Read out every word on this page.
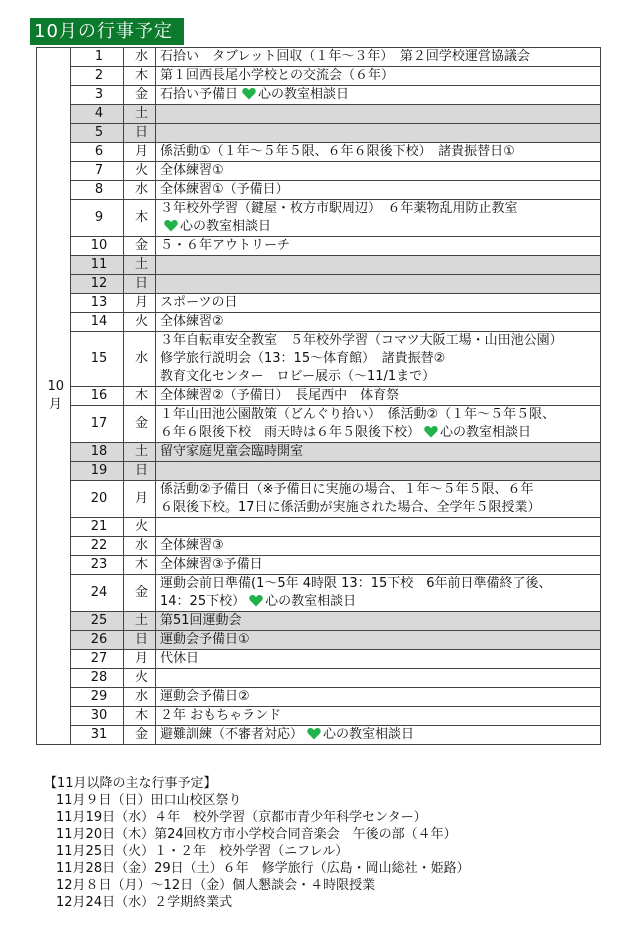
10月の行事予定
10月	1	水	石拾い　タブレット回収（１年～３年）　第２回学校運営協議会

	2	木	第１回西長尾小学校との交流会（６年）

	3	金	石拾い予備日 心の教室相談日

	4	土	
	5	日	
	6	月	係活動①（１年～５年５限、６年６限後下校）　諸貴振替日①

	7	火	全体練習①

	8	水	全体練習①（予備日）

	9	木	３年校外学習（鍵屋・枚方市駅周辺）　６年薬物乱用防止教室
心の教室相談日

	10	金	５・６年アウトリーチ

	11	土	
	12	日	
	13	月	スポーツの日

	14	火	全体練習②

	15	水	３年自転車安全教室　５年校外学習（コマツ大阪工場・山田池公園）
修学旅行説明会（13：15～体育館）　諸貴振替②
教育文化センター　ロビー展示（～11/1まで）

	16	木	全体練習②（予備日）　長尾西中　体育祭

	17	金	１年山田池公園散策（どんぐり拾い）　係活動②（１年～５年５限、
６年６限後下校　雨天時は６年５限後下校） 心の教室相談日

	18	土	留守家庭児童会臨時開室

	19	日	
	20	月	係活動②予備日（※予備日に実施の場合、１年～５年５限、６年
６限後下校。17日に係活動が実施された場合、全学年５限授業）

	21	火	
	22	水	全体練習③

	23	木	全体練習③予備日

	24	金	運動会前日準備(1～5年 4時限 13：15下校　6年前日準備終了後、
14：25下校） 心の教室相談日

	25	土	第51回運動会

	26	日	運動会予備日①

	27	月	代休日

	28	火	
	29	水	運動会予備日②

	30	木	２年 おもちゃランド

	31	金	避難訓練（不審者対応） 心の教室相談日
【11月以降の主な行事予定】
11月９日（日）田口山校区祭り
11月19日（水）４年　校外学習（京都市青少年科学センター）
11月20日（木）第24回枚方市小学校合同音楽会　午後の部（４年）
11月25日（火）１・２年　校外学習（ニフレル）
11月28日（金）29日（土）６年　修学旅行（広島・岡山総社・姫路）
12月８日（月）～12日（金）個人懇談会・４時限授業
12月24日（水）２学期終業式
